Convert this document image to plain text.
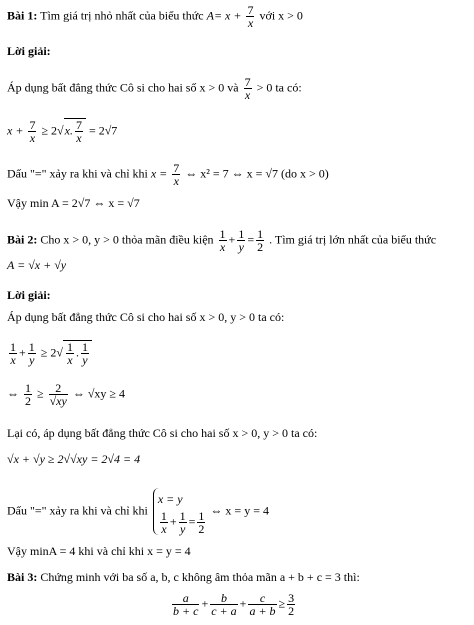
Bài 1: Tìm giá trị nhỏ nhất của biểu thức $A= x + \frac{7}{x}$ với x > 0
Lời giải:
Áp dụng bất đẳng thức Cô si cho hai số x > 0 và $\frac{7}{x} > 0$ ta có:
$x + \frac{7}{x} \ge 2√x$. $\frac{7}{x} = 2√7$
Dấu "=" xảy ra khi và chỉ khi $x = \frac{7}{x}$ ⇔ x² = 7 ⇔ x = √7 (do x > 0)
Vậy min A = 2√7 ⇔ x = √7
Bài 2: Cho x > 0, y > 0 thỏa mãn điều kiện $\frac{1}{x} + \frac{1}{y} = \frac{1}{2}$ . Tìm giá trị lớn nhất của biểu thức
A = √x + √y
Lời giải:
Áp dụng bất đẳng thức Cô si cho hai số x > 0, y > 0 ta có:
$\frac{1}{x} + \frac{1}{y} \ge 2√ \frac{1}{x}$ . $\frac{1}{y}$
⇔ $\frac{1}{2} \ge \frac{2}{√xy}$ ⇔ √xy ≥ 4
Lại có, áp dụng bất đẳng thức Cô si cho hai số x > 0, y > 0 ta có:
√x + √y ≥ 2√√xy = 2√4 = 4
Dấu "=" xảy ra khi và chỉ khi
x = y
$\frac{1}{x} + \frac{1}{y} = \frac{1}{2}$ ⇔ x = y = 4
Vậy minA = 4 khi và chỉ khi x = y = 4
Bài 3: Chứng minh với ba số a, b, c không âm thỏa mãn a + b + c = 3 thì:
$\frac{a}{b + c} + \frac{b}{c + a} + \frac{c}{a + b} \ge \frac{3}{2}$
